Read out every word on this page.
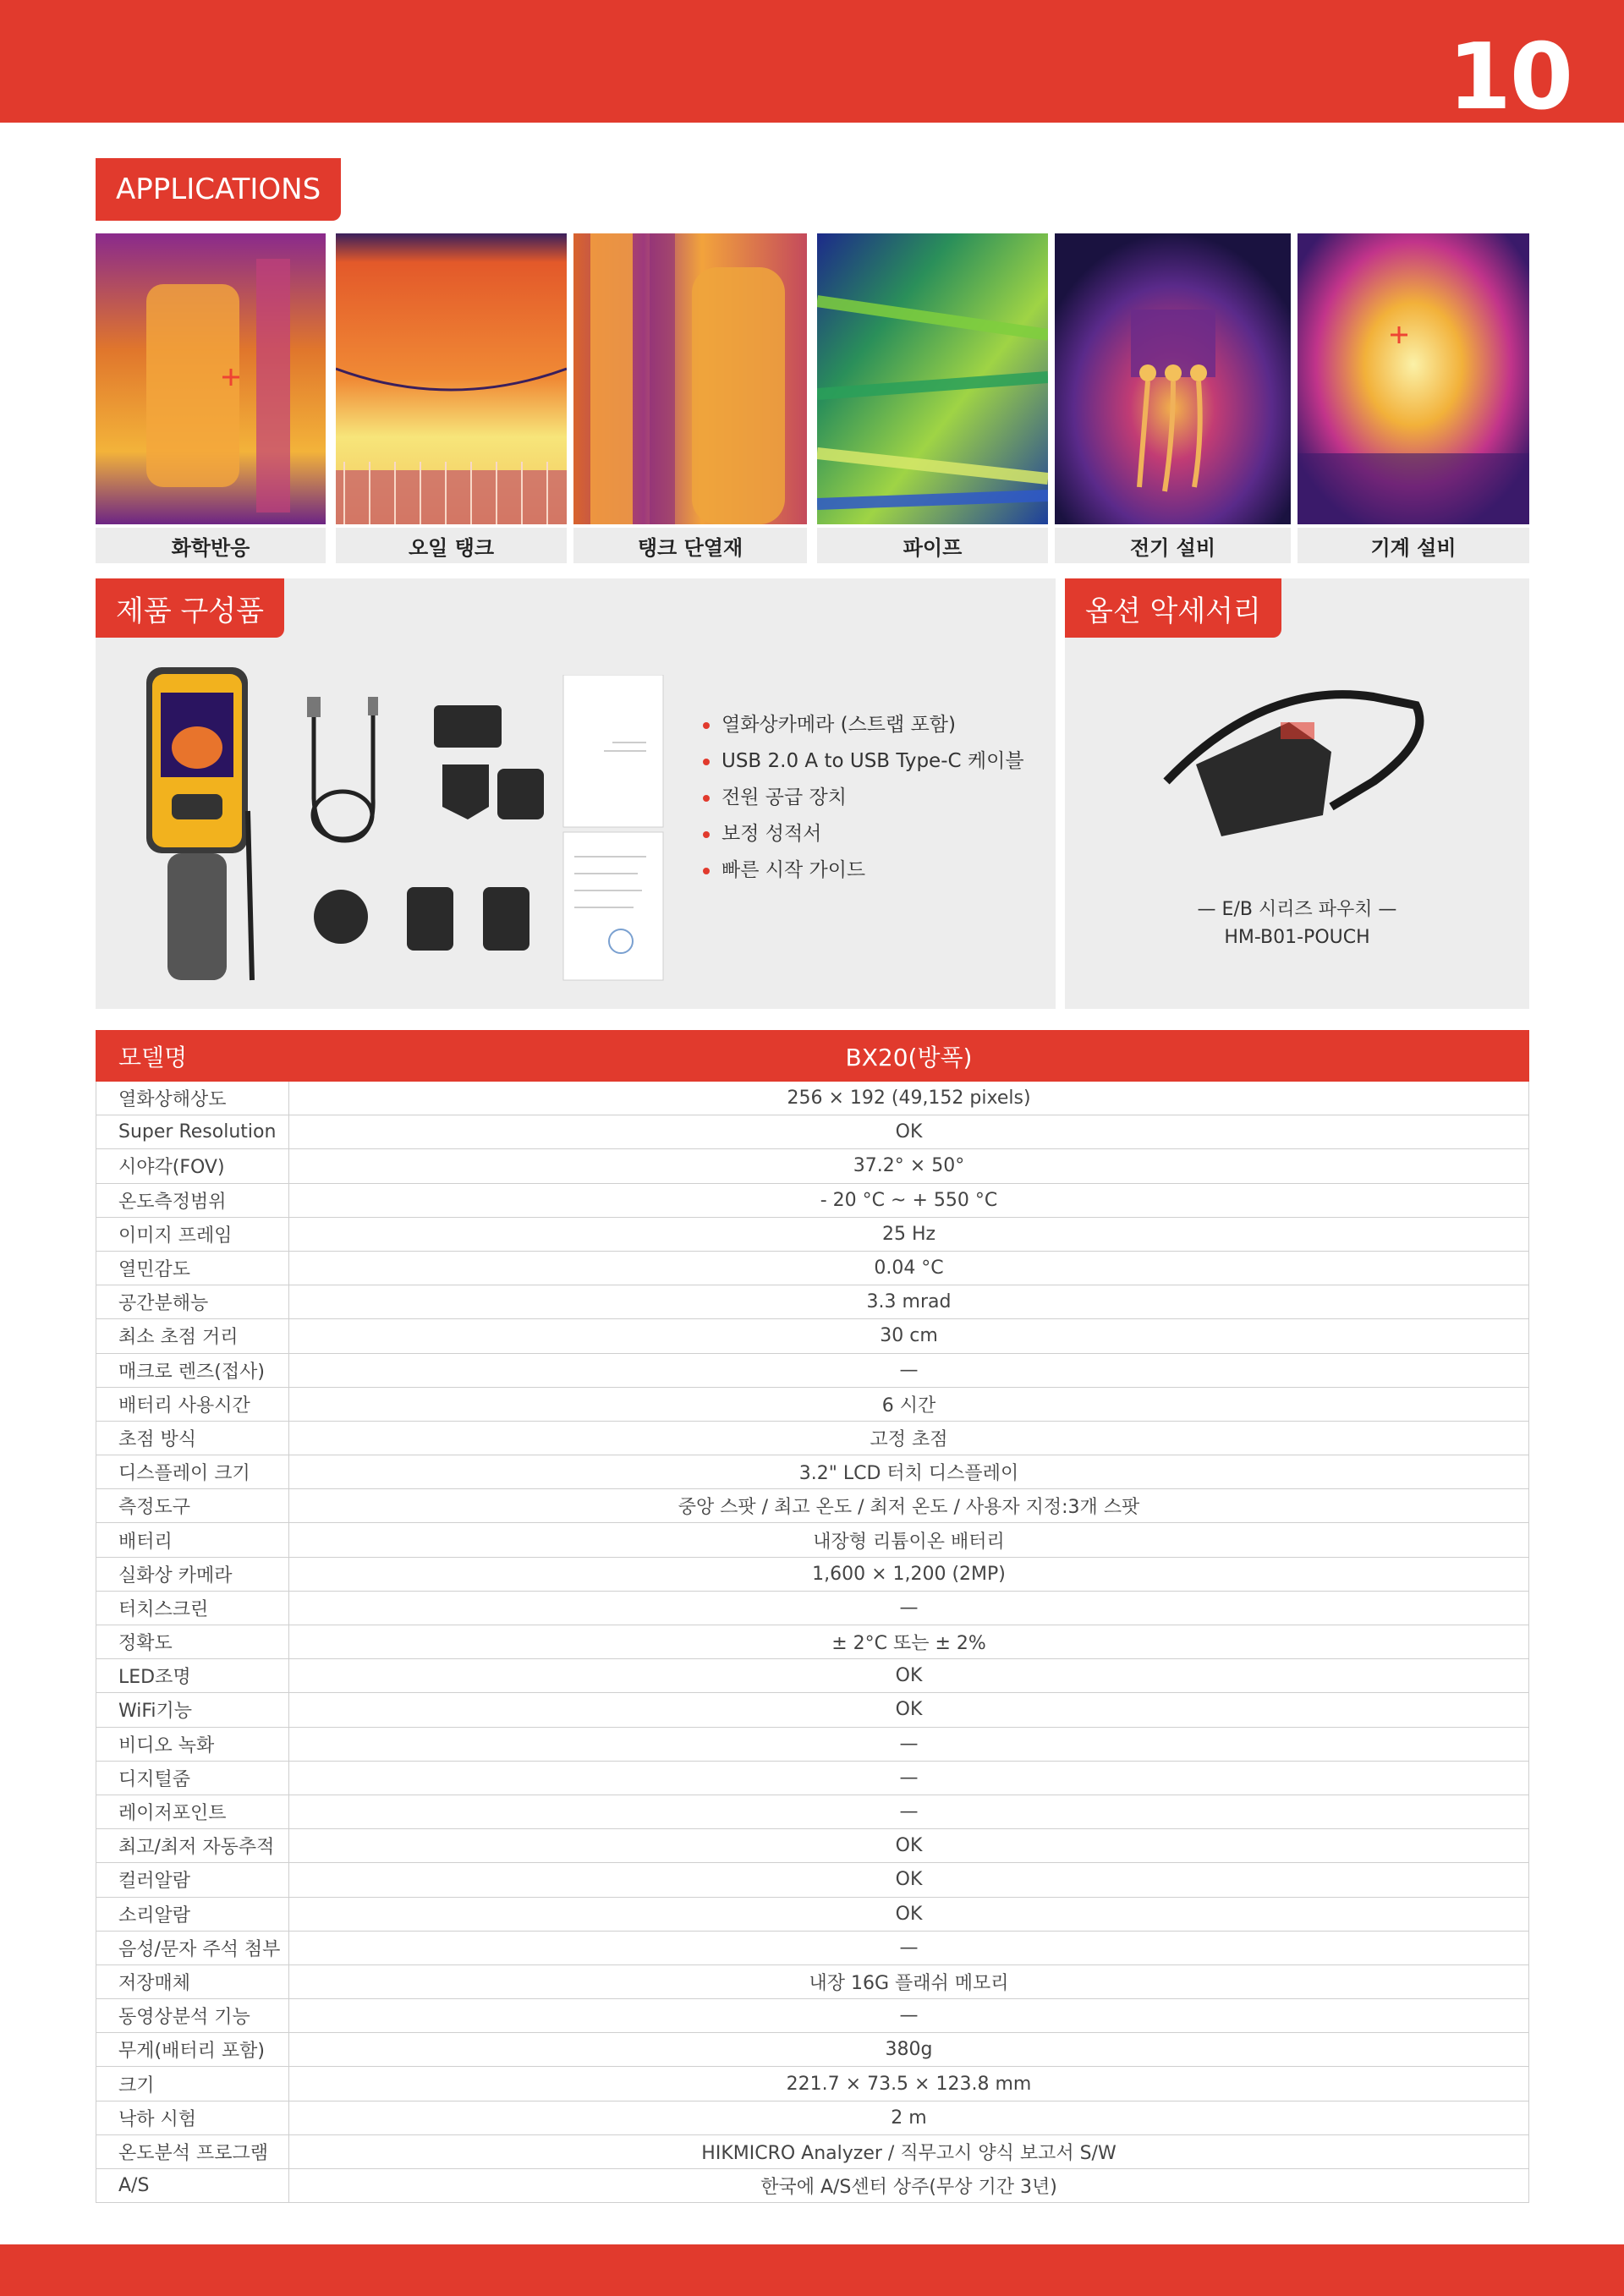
10
APPLICATIONS
화학반응	오일 탱크	탱크 단열재	파이프	전기 설비	기계 설비
제품 구성품
열화상카메라 (스트랩 포함)
USB 2.0 A to USB Type-C 케이블
전원 공급 장치
보정 성적서
빠른 시작 가이드
옵션 악세서리
— E/B 시리즈 파우치 —
HM-B01-POUCH
모델명	BX20(방폭)
열화상해상도	256 × 192 (49,152 pixels)
Super Resolution	OK
시야각(FOV)	37.2° × 50°
온도측정범위	- 20 °C ~ + 550 °C
이미지 프레임	25 Hz
열민감도	0.04 °C
공간분해능	3.3 mrad
최소 초점 거리	30 cm
매크로 렌즈(접사)	—
배터리 사용시간	6 시간
초점 방식	고정 초점
디스플레이 크기	3.2" LCD 터치 디스플레이
측정도구	중앙 스팟 / 최고 온도 / 최저 온도 / 사용자 지정:3개 스팟
배터리	내장형 리튬이온 배터리
실화상 카메라	1,600 × 1,200 (2MP)
터치스크린	—
정확도	± 2°C 또는 ± 2%
LED조명	OK
WiFi기능	OK
비디오 녹화	—
디지털줌	—
레이저포인트	—
최고/최저 자동추적	OK
컬러알람	OK
소리알람	OK
음성/문자 주석 첨부	—
저장매체	내장 16G 플래쉬 메모리
동영상분석 기능	—
무게(배터리 포함)	380g
크기	221.7 × 73.5 × 123.8 mm
낙하 시험	2 m
온도분석 프로그램	HIKMICRO Analyzer / 직무고시 양식 보고서 S/W
A/S	한국에 A/S센터 상주(무상 기간 3년)
